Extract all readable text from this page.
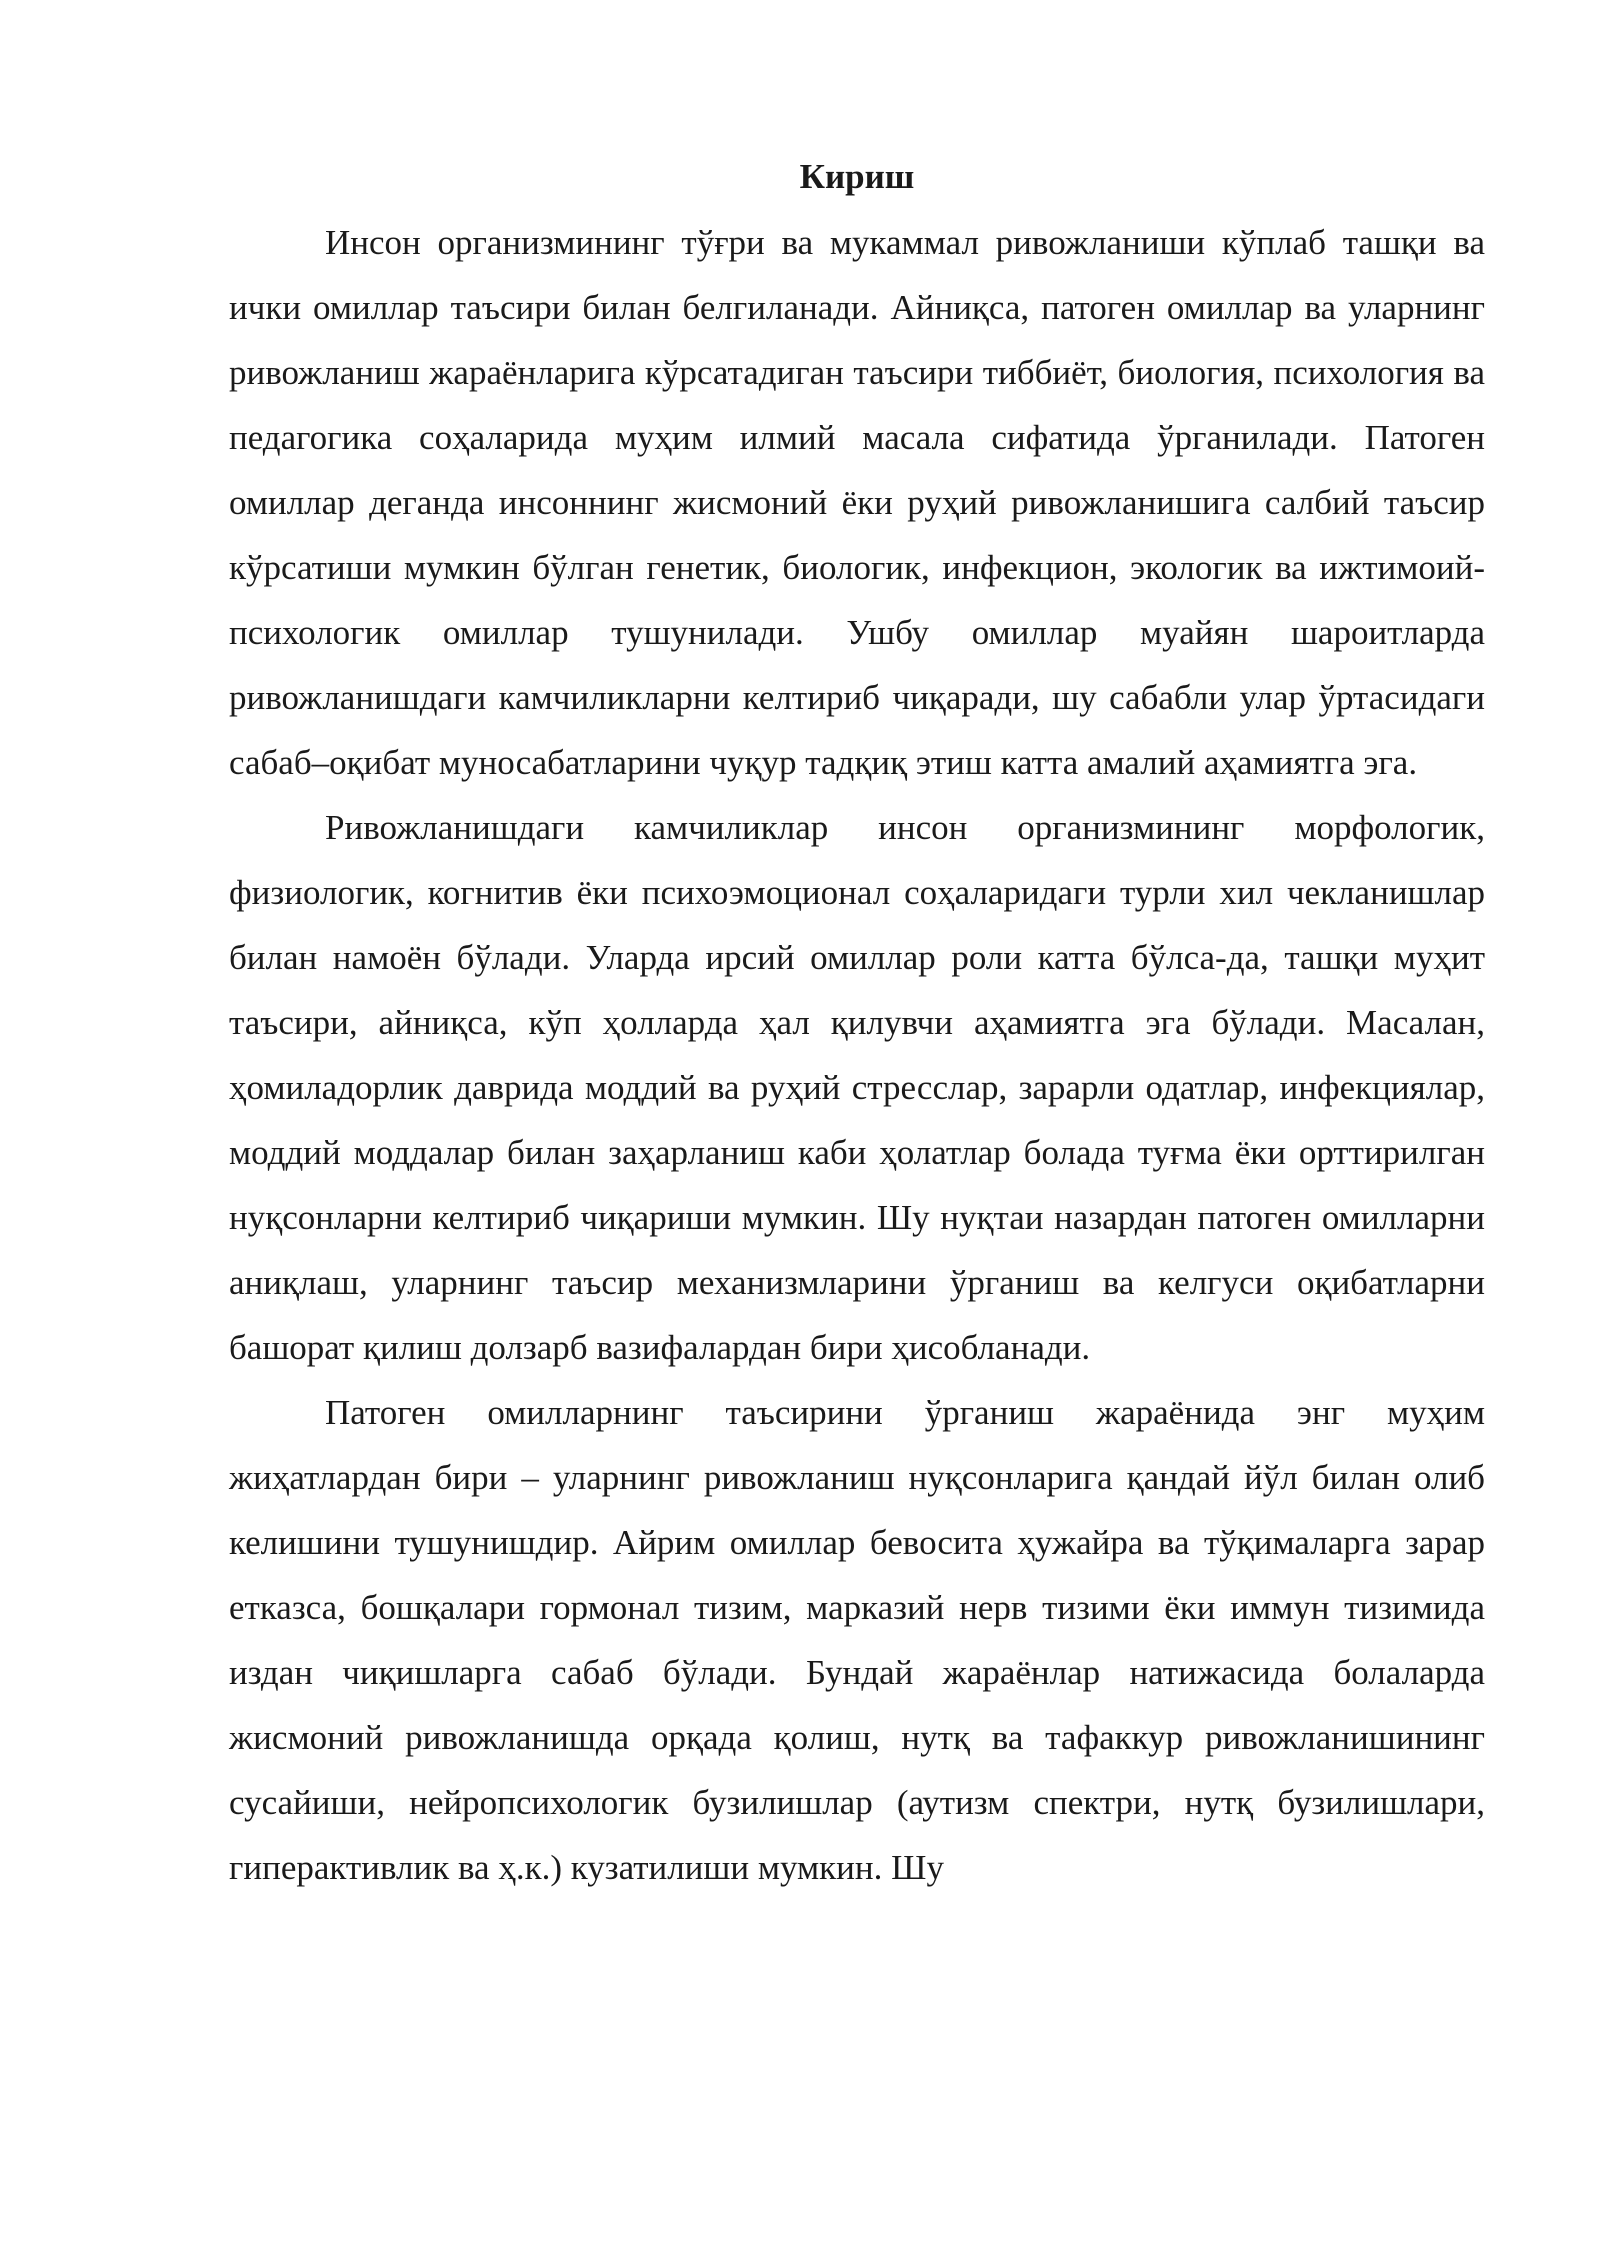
Кириш

Инсон организмининг тўғри ва мукаммал ривожланиши кўплаб ташқи ва ички омиллар таъсири билан белгиланади. Айниқса, патоген омиллар ва уларнинг ривожланиш жараёнларига кўрсатадиган таъсири тиббиёт, биология, психология ва педагогика соҳаларида муҳим илмий масала сифатида ўрганилади. Патоген омиллар деганда инсоннинг жисмоний ёки руҳий ривожланишига салбий таъсир кўрсатиши мумкин бўлган генетик, биологик, инфекцион, экологик ва ижтимоий-психологик омиллар тушунилади. Ушбу омиллар муайян шароитларда ривожланишдаги камчиликларни келтириб чиқаради, шу сабабли улар ўртасидаги сабаб–оқибат муносабатларини чуқур тадқиқ этиш катта амалий аҳамиятга эга.

Ривожланишдаги камчиликлар инсон организмининг морфологик, физиологик, когнитив ёки психоэмоционал соҳаларидаги турли хил чекланишлар билан намоён бўлади. Уларда ирсий омиллар роли катта бўлса-да, ташқи муҳит таъсири, айниқса, кўп ҳолларда ҳал қилувчи аҳамиятга эга бўлади. Масалан, ҳомиладорлик даврида моддий ва руҳий стресслар, зарарли одатлар, инфекциялар, моддий моддалар билан заҳарланиш каби ҳолатлар болада туғма ёки орттирилган нуқсонларни келтириб чиқариши мумкин. Шу нуқтаи назардан патоген омилларни аниқлаш, уларнинг таъсир механизмларини ўрганиш ва келгуси оқибатларни башорат қилиш долзарб вазифалардан бири ҳисобланади.

Патоген омилларнинг таъсирини ўрганиш жараёнида энг муҳим жиҳатлардан бири – уларнинг ривожланиш нуқсонларига қандай йўл билан олиб келишини тушунишдир. Айрим омиллар бевосита ҳужайра ва тўқималарга зарар етказса, бошқалари гормонал тизим, марказий нерв тизими ёки иммун тизимида издан чиқишларга сабаб бўлади. Бундай жараёнлар натижасида болаларда жисмоний ривожланишда орқада қолиш, нутқ ва тафаккур ривожланишининг сусайиши, нейропсихологик бузилишлар (аутизм спектри, нутқ бузилишлари, гиперактивлик ва ҳ.к.) кузатилиши мумкин. Шу
